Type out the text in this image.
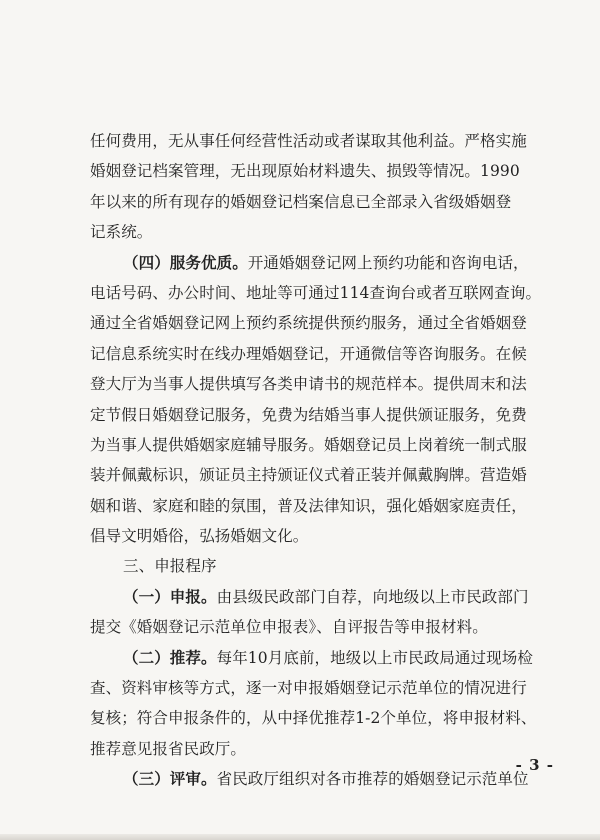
任何费用，无从事任何经营性活动或者谋取其他利益。严格实施
婚姻登记档案管理，无出现原始材料遗失、损毁等情况。1990
年以来的所有现存的婚姻登记档案信息已全部录入省级婚姻登
记系统。
（四）服务优质。开通婚姻登记网上预约功能和咨询电话，
电话号码、办公时间、地址等可通过114查询台或者互联网查询。
通过全省婚姻登记网上预约系统提供预约服务，通过全省婚姻登
记信息系统实时在线办理婚姻登记，开通微信等咨询服务。在候
登大厅为当事人提供填写各类申请书的规范样本。提供周末和法
定节假日婚姻登记服务，免费为结婚当事人提供颁证服务，免费
为当事人提供婚姻家庭辅导服务。婚姻登记员上岗着统一制式服
装并佩戴标识，颁证员主持颁证仪式着正装并佩戴胸牌。营造婚
姻和谐、家庭和睦的氛围，普及法律知识，强化婚姻家庭责任，
倡导文明婚俗，弘扬婚姻文化。
三、申报程序
（一）申报。由县级民政部门自荐，向地级以上市民政部门
提交《婚姻登记示范单位申报表》、自评报告等申报材料。
（二）推荐。每年10月底前，地级以上市民政局通过现场检
查、资料审核等方式，逐一对申报婚姻登记示范单位的情况进行
复核；符合申报条件的，从中择优推荐1-2个单位，将申报材料、
推荐意见报省民政厅。
（三）评审。省民政厅组织对各市推荐的婚姻登记示范单位
- 3 -
